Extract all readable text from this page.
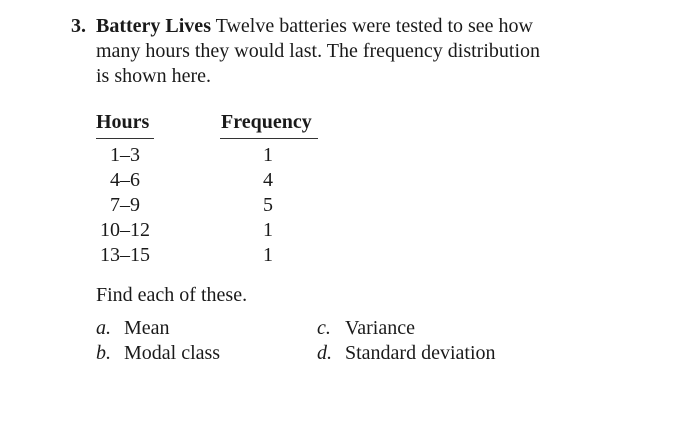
3. Battery Lives Twelve batteries were tested to see how
many hours they would last. The frequency distribution
is shown here.
Hours	Frequency
1–3	1
4–6	4
7–9	5
10–12	1
13–15	1
Find each of these.
a. Mean
b. Modal class
c. Variance
d. Standard deviation
